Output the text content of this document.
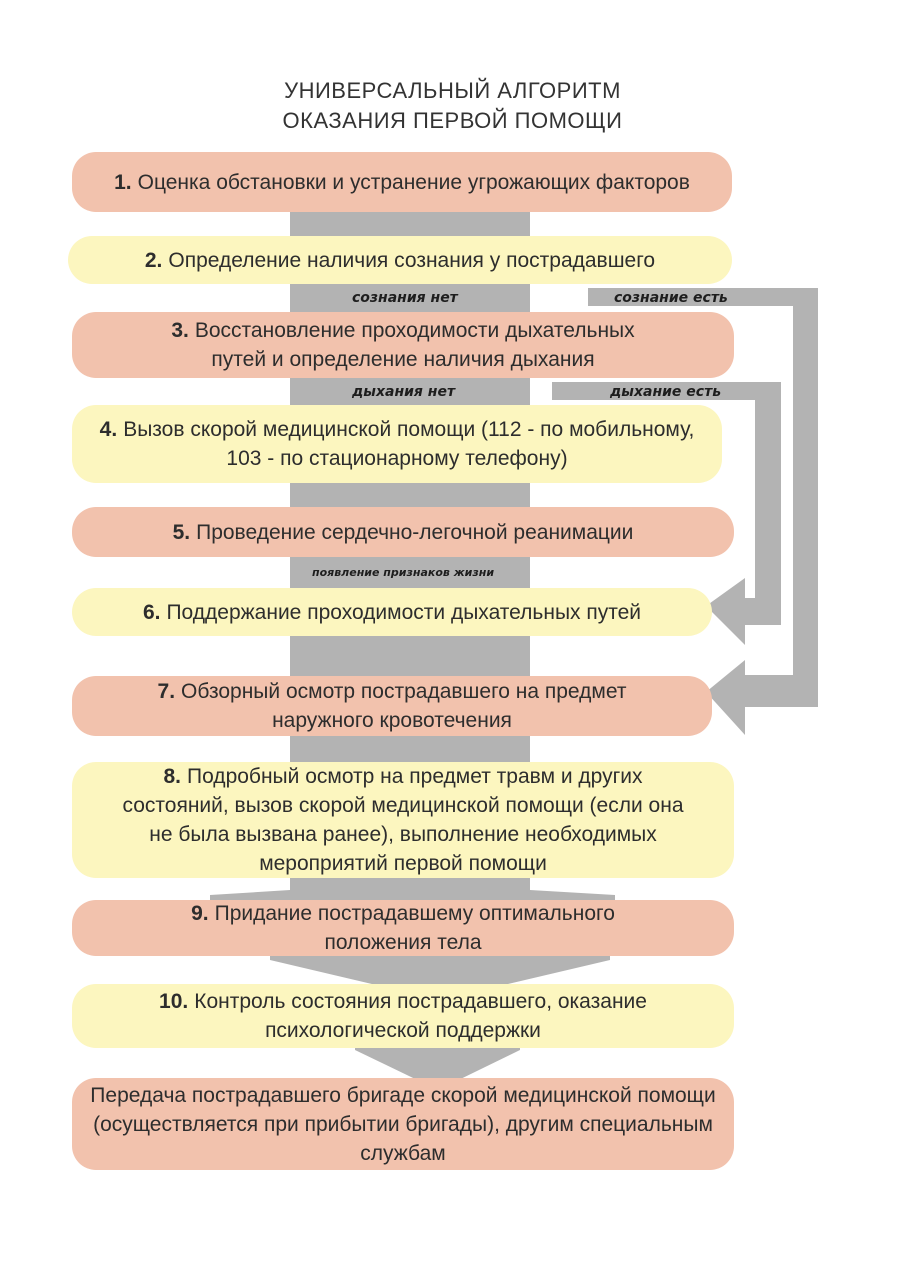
УНИВЕРСАЛЬНЫЙ АЛГОРИТМ
ОКАЗАНИЯ ПЕРВОЙ ПОМОЩИ
1. Оценка обстановки и устранение угрожающих факторов
2. Определение наличия сознания у пострадавшего
сознания нет	сознание есть
3. Восстановление проходимости дыхательных путей и определение наличия дыхания
дыхания нет	дыхание есть
4. Вызов скорой медицинской помощи (112 - по мобильному, 103 - по стационарному телефону)
5. Проведение сердечно-легочной реанимации
появление признаков жизни
6. Поддержание проходимости дыхательных путей
7. Обзорный осмотр пострадавшего на предмет наружного кровотечения
8. Подробный осмотр на предмет травм и других состояний, вызов скорой медицинской помощи (если она не была вызвана ранее), выполнение необходимых мероприятий первой помощи
9. Придание пострадавшему оптимального положения тела
10. Контроль состояния пострадавшего, оказание психологической поддержки
Передача пострадавшего бригаде скорой медицинской помощи (осуществляется при прибытии бригады), другим специальным службам
